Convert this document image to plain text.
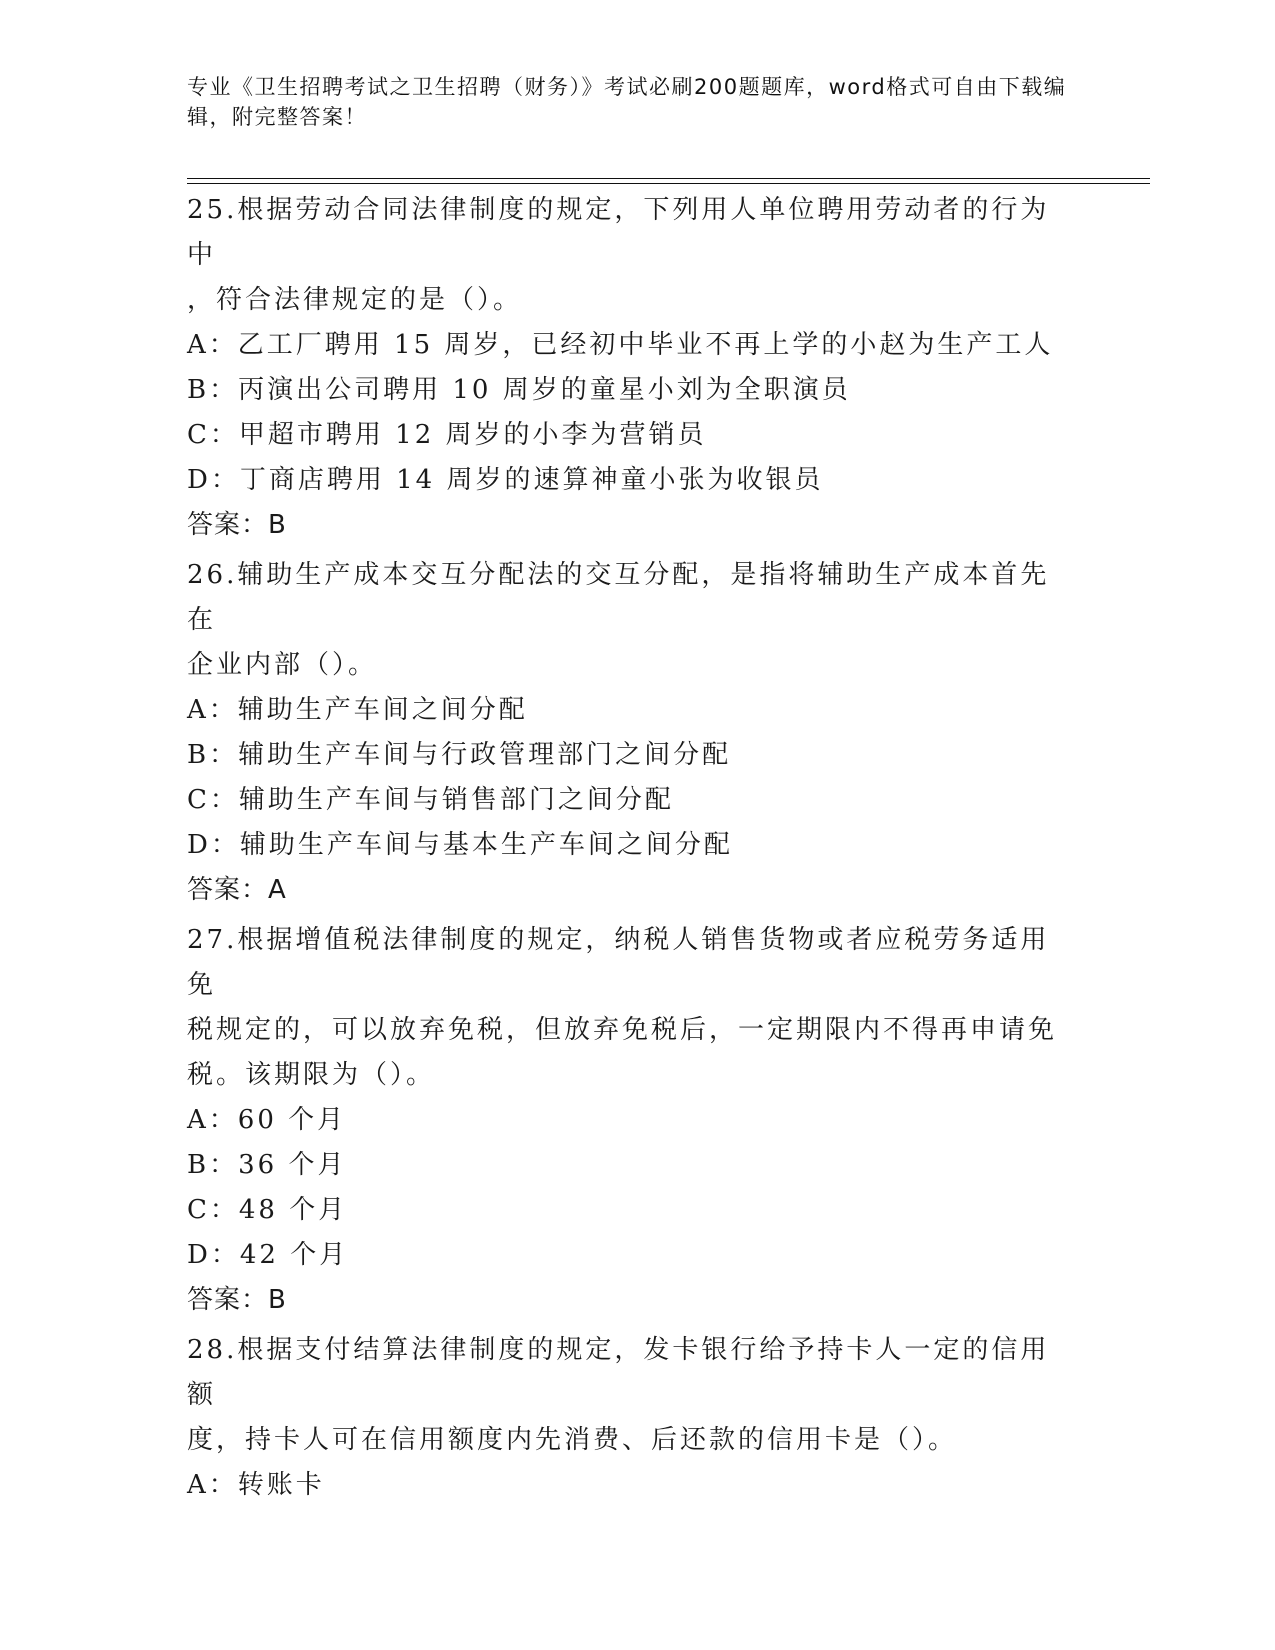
专业《卫生招聘考试之卫生招聘（财务）》考试必刷200题题库，word格式可自由下载编辑，附完整答案！

25.根据劳动合同法律制度的规定，下列用人单位聘用劳动者的行为中

，符合法律规定的是（）。

A：乙工厂聘用 15 周岁，已经初中毕业不再上学的小赵为生产工人

B：丙演出公司聘用 10 周岁的童星小刘为全职演员

C：甲超市聘用 12 周岁的小李为营销员

D：丁商店聘用 14 周岁的速算神童小张为收银员

答案：B

26.辅助生产成本交互分配法的交互分配，是指将辅助生产成本首先在

企业内部（）。

A：辅助生产车间之间分配

B：辅助生产车间与行政管理部门之间分配

C：辅助生产车间与销售部门之间分配

D：辅助生产车间与基本生产车间之间分配

答案：A

27.根据增值税法律制度的规定，纳税人销售货物或者应税劳务适用免

税规定的，可以放弃免税，但放弃免税后，一定期限内不得再申请免

税。该期限为（）。

A：60 个月

B：36 个月

C：48 个月

D：42 个月

答案：B

28.根据支付结算法律制度的规定，发卡银行给予持卡人一定的信用额

度，持卡人可在信用额度内先消费、后还款的信用卡是（）。

A：转账卡
